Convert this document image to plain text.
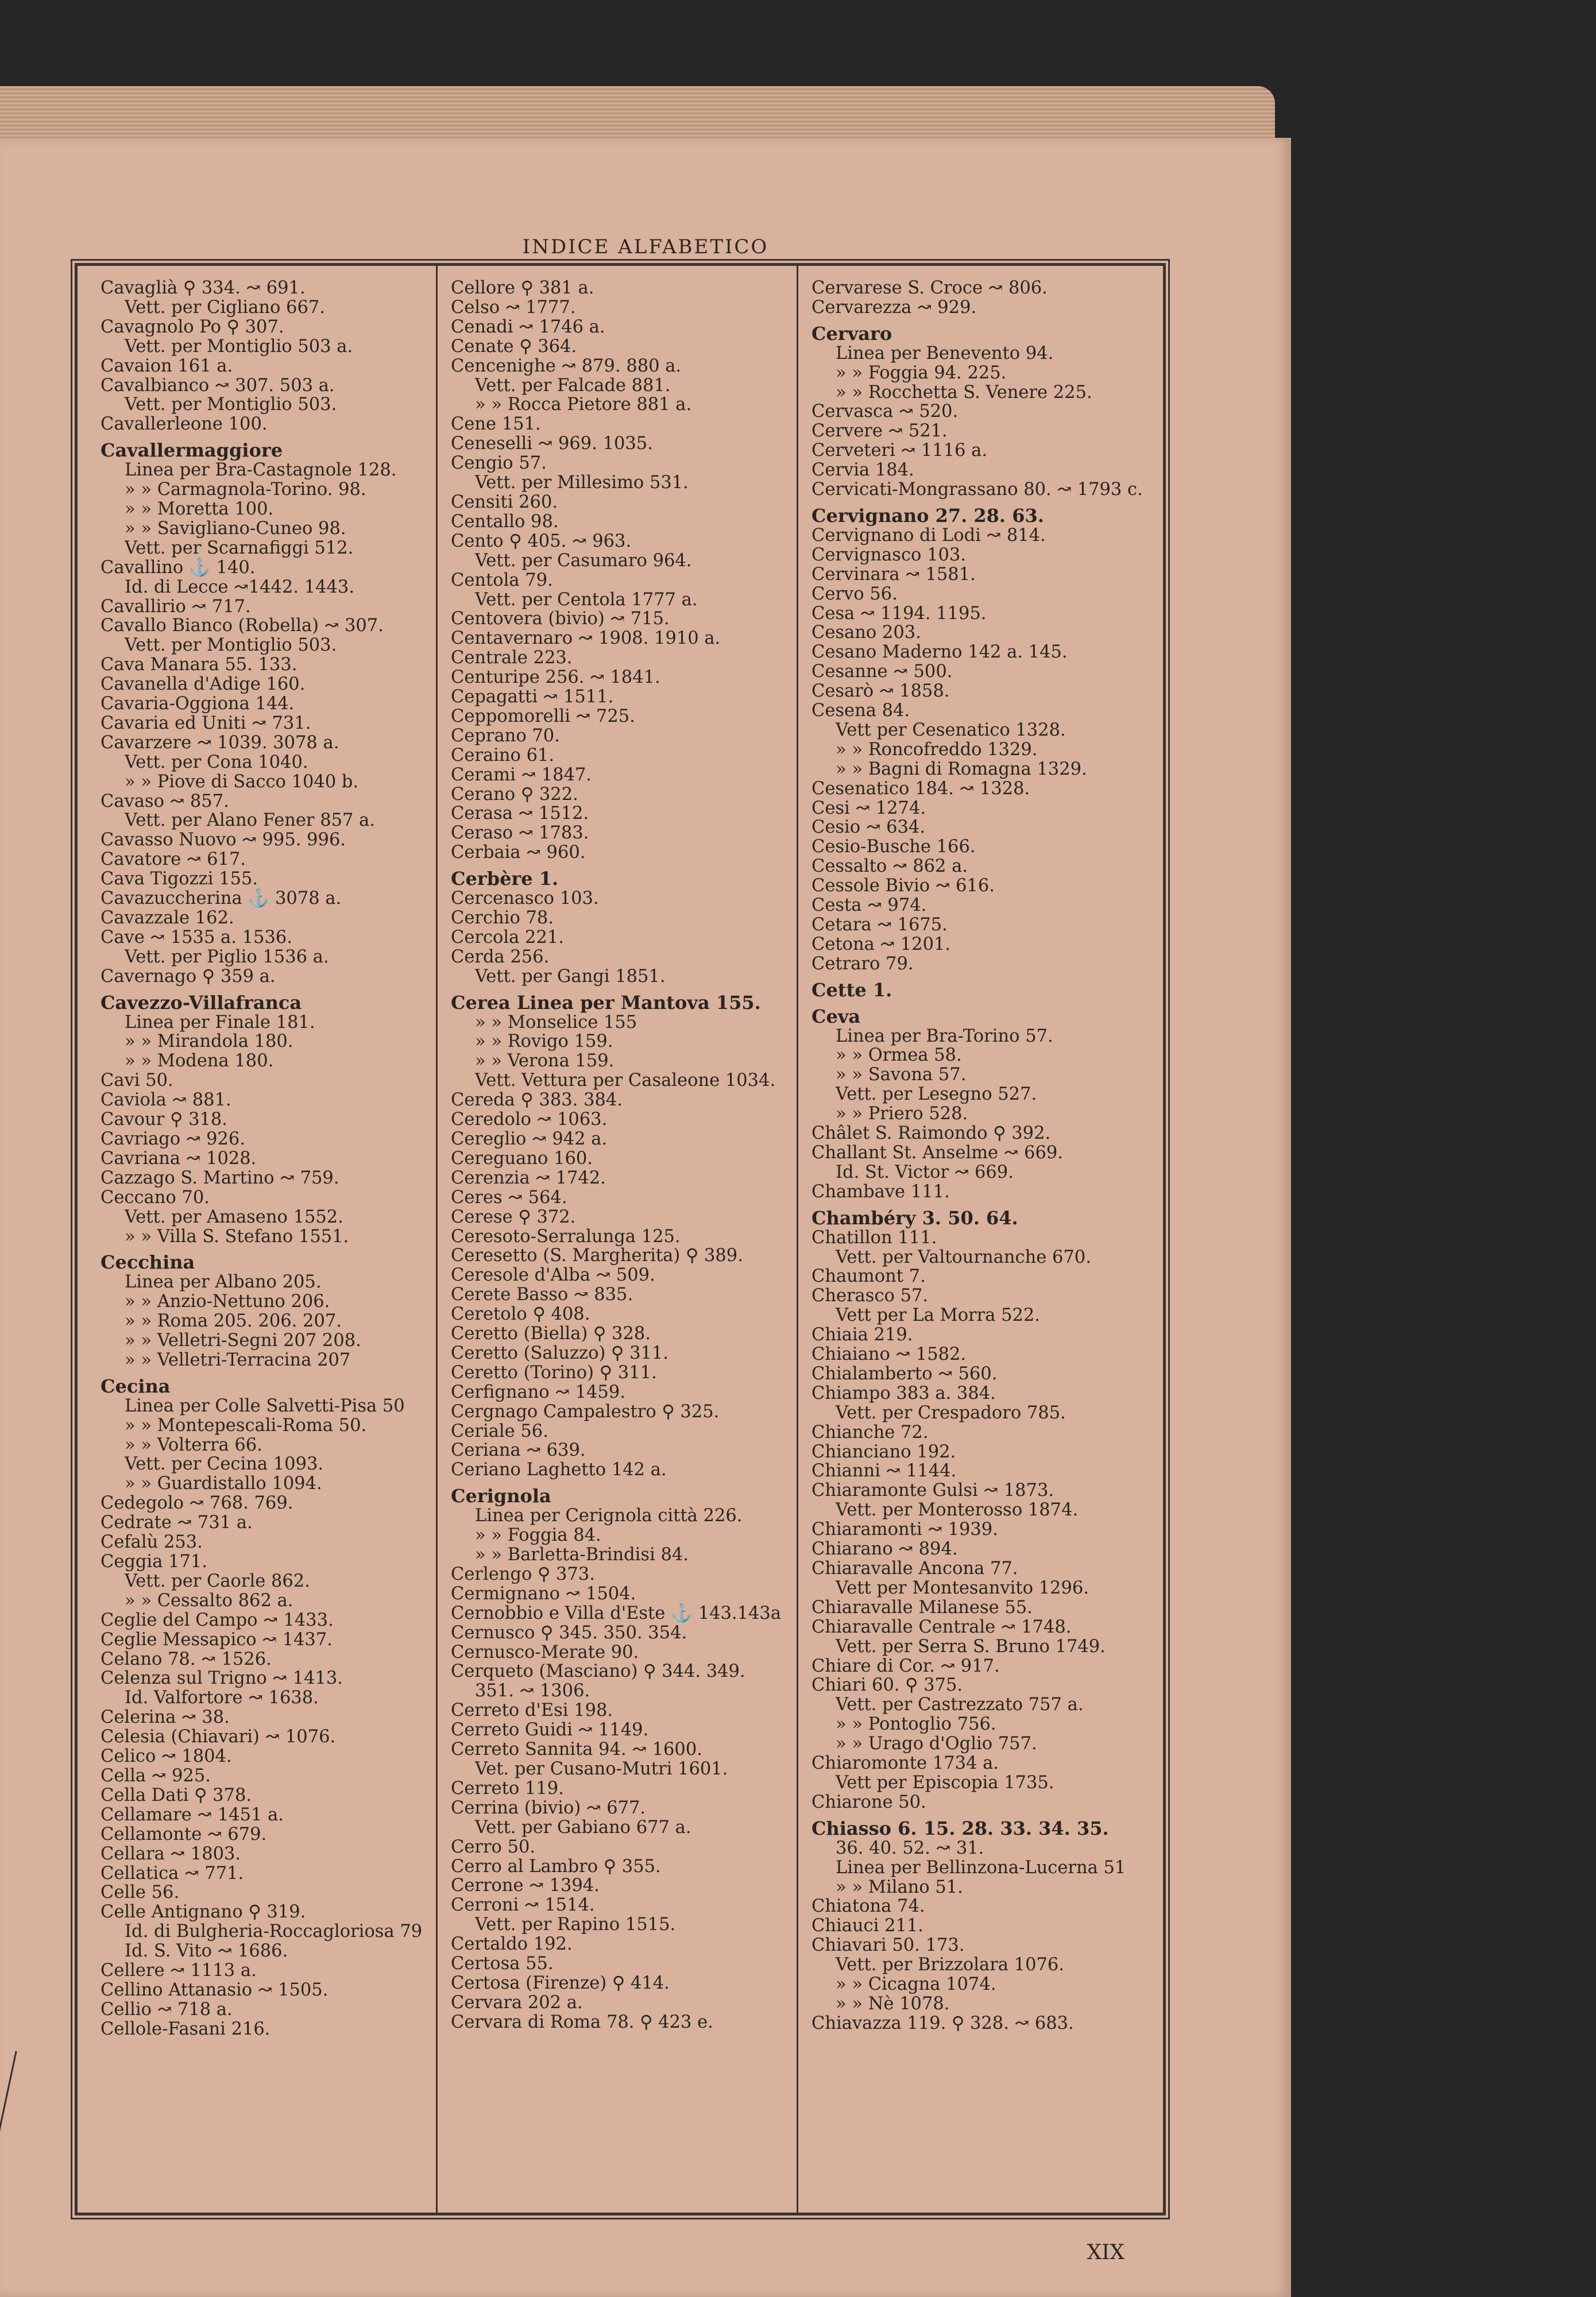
INDICE ALFABETICO
Cavaglià ⚲ 334. ↝ 691.
Vett. per Cigliano 667.
Cavagnolo Po ⚲ 307.
Vett. per Montiglio 503 a.
Cavaion 161 a.
Cavalbianco ↝ 307. 503 a.
Vett. per Montiglio 503.
Cavallerleone 100.
Cavallermaggiore
Linea per Bra-Castagnole 128.
» » Carmagnola-Torino. 98.
» » Moretta 100.
» » Savigliano-Cuneo 98.
Vett. per Scarnafiggi 512.
Cavallino ⚓ 140.
Id. di Lecce ↝1442. 1443.
Cavallirio ↝ 717.
Cavallo Bianco (Robella) ↝ 307.
Vett. per Montiglio 503.
Cava Manara 55. 133.
Cavanella d'Adige 160.
Cavaria-Oggiona 144.
Cavaria ed Uniti ↝ 731.
Cavarzere ↝ 1039. 3078 a.
Vett. per Cona 1040.
» » Piove di Sacco 1040 b.
Cavaso ↝ 857.
Vett. per Alano Fener 857 a.
Cavasso Nuovo ↝ 995. 996.
Cavatore ↝ 617.
Cava Tigozzi 155.
Cavazuccherina ⚓ 3078 a.
Cavazzale 162.
Cave ↝ 1535 a. 1536.
Vett. per Piglio 1536 a.
Cavernago ⚲ 359 a.
Cavezzo-Villafranca
Linea per Finale 181.
» » Mirandola 180.
» » Modena 180.
Cavi 50.
Caviola ↝ 881.
Cavour ⚲ 318.
Cavriago ↝ 926.
Cavriana ↝ 1028.
Cazzago S. Martino ↝ 759.
Ceccano 70.
Vett. per Amaseno 1552.
» » Villa S. Stefano 1551.
Cecchina
Linea per Albano 205.
» » Anzio-Nettuno 206.
» » Roma 205. 206. 207.
» » Velletri-Segni 207 208.
» » Velletri-Terracina 207
Cecina
Linea per Colle Salvetti-Pisa 50
» » Montepescali-Roma 50.
» » Volterra 66.
Vett. per Cecina 1093.
» » Guardistallo 1094.
Cedegolo ↝ 768. 769.
Cedrate ↝ 731 a.
Cefalù 253.
Ceggia 171.
Vett. per Caorle 862.
» » Cessalto 862 a.
Ceglie del Campo ↝ 1433.
Ceglie Messapico ↝ 1437.
Celano 78. ↝ 1526.
Celenza sul Trigno ↝ 1413.
Id. Valfortore ↝ 1638.
Celerina ↝ 38.
Celesia (Chiavari) ↝ 1076.
Celico ↝ 1804.
Cella ↝ 925.
Cella Dati ⚲ 378.
Cellamare ↝ 1451 a.
Cellamonte ↝ 679.
Cellara ↝ 1803.
Cellatica ↝ 771.
Celle 56.
Celle Antignano ⚲ 319.
Id. di Bulgheria-Roccagloriosa 79
Id. S. Vito ↝ 1686.
Cellere ↝ 1113 a.
Cellino Attanasio ↝ 1505.
Cellio ↝ 718 a.
Cellole-Fasani 216.
Cellore ⚲ 381 a.
Celso ↝ 1777.
Cenadi ↝ 1746 a.
Cenate ⚲ 364.
Cencenighe ↝ 879. 880 a.
Vett. per Falcade 881.
» » Rocca Pietore 881 a.
Cene 151.
Ceneselli ↝ 969. 1035.
Cengio 57.
Vett. per Millesimo 531.
Censiti 260.
Centallo 98.
Cento ⚲ 405. ↝ 963.
Vett. per Casumaro 964.
Centola 79.
Vett. per Centola 1777 a.
Centovera (bivio) ↝ 715.
Centavernaro ↝ 1908. 1910 a.
Centrale 223.
Centuripe 256. ↝ 1841.
Cepagatti ↝ 1511.
Ceppomorelli ↝ 725.
Ceprano 70.
Ceraino 61.
Cerami ↝ 1847.
Cerano ⚲ 322.
Cerasa ↝ 1512.
Ceraso ↝ 1783.
Cerbaia ↝ 960.
Cerbère 1.
Cercenasco 103.
Cerchio 78.
Cercola 221.
Cerda 256.
Vett. per Gangi 1851.
Cerea Linea per Mantova 155.
» » Monselice 155
» » Rovigo 159.
» » Verona 159.
Vett. Vettura per Casaleone 1034.
Cereda ⚲ 383. 384.
Ceredolo ↝ 1063.
Cereglio ↝ 942 a.
Cereguano 160.
Cerenzia ↝ 1742.
Ceres ↝ 564.
Cerese ⚲ 372.
Ceresoto-Serralunga 125.
Ceresetto (S. Margherita) ⚲ 389.
Ceresole d'Alba ↝ 509.
Cerete Basso ↝ 835.
Ceretolo ⚲ 408.
Ceretto (Biella) ⚲ 328.
Ceretto (Saluzzo) ⚲ 311.
Ceretto (Torino) ⚲ 311.
Cerfignano ↝ 1459.
Cergnago Campalestro ⚲ 325.
Ceriale 56.
Ceriana ↝ 639.
Ceriano Laghetto 142 a.
Cerignola
Linea per Cerignola città 226.
» » Foggia 84.
» » Barletta-Brindisi 84.
Cerlengo ⚲ 373.
Cermignano ↝ 1504.
Cernobbio e Villa d'Este ⚓ 143.143a
Cernusco ⚲ 345. 350. 354.
Cernusco-Merate 90.
Cerqueto (Masciano) ⚲ 344. 349.
351. ↝ 1306.
Cerreto d'Esi 198.
Cerreto Guidi ↝ 1149.
Cerreto Sannita 94. ↝ 1600.
Vet. per Cusano-Mutri 1601.
Cerreto 119.
Cerrina (bivio) ↝ 677.
Vett. per Gabiano 677 a.
Cerro 50.
Cerro al Lambro ⚲ 355.
Cerrone ↝ 1394.
Cerroni ↝ 1514.
Vett. per Rapino 1515.
Certaldo 192.
Certosa 55.
Certosa (Firenze) ⚲ 414.
Cervara 202 a.
Cervara di Roma 78. ⚲ 423 e.
Cervarese S. Croce ↝ 806.
Cervarezza ↝ 929.
Cervaro
Linea per Benevento 94.
» » Foggia 94. 225.
» » Rocchetta S. Venere 225.
Cervasca ↝ 520.
Cervere ↝ 521.
Cerveteri ↝ 1116 a.
Cervia 184.
Cervicati-Mongrassano 80. ↝ 1793 c.
Cervignano 27. 28. 63.
Cervignano di Lodi ↝ 814.
Cervignasco 103.
Cervinara ↝ 1581.
Cervo 56.
Cesa ↝ 1194. 1195.
Cesano 203.
Cesano Maderno 142 a. 145.
Cesanne ↝ 500.
Cesarò ↝ 1858.
Cesena 84.
Vett per Cesenatico 1328.
» » Roncofreddo 1329.
» » Bagni di Romagna 1329.
Cesenatico 184. ↝ 1328.
Cesi ↝ 1274.
Cesio ↝ 634.
Cesio-Busche 166.
Cessalto ↝ 862 a.
Cessole Bivio ↝ 616.
Cesta ↝ 974.
Cetara ↝ 1675.
Cetona ↝ 1201.
Cetraro 79.
Cette 1.
Ceva
Linea per Bra-Torino 57.
» » Ormea 58.
» » Savona 57.
Vett. per Lesegno 527.
» » Priero 528.
Châlet S. Raimondo ⚲ 392.
Challant St. Anselme ↝ 669.
Id. St. Victor ↝ 669.
Chambave 111.
Chambéry 3. 50. 64.
Chatillon 111.
Vett. per Valtournanche 670.
Chaumont 7.
Cherasco 57.
Vett per La Morra 522.
Chiaia 219.
Chiaiano ↝ 1582.
Chialamberto ↝ 560.
Chiampo 383 a. 384.
Vett. per Crespadoro 785.
Chianche 72.
Chianciano 192.
Chianni ↝ 1144.
Chiaramonte Gulsi ↝ 1873.
Vett. per Monterosso 1874.
Chiaramonti ↝ 1939.
Chiarano ↝ 894.
Chiaravalle Ancona 77.
Vett per Montesanvito 1296.
Chiaravalle Milanese 55.
Chiaravalle Centrale ↝ 1748.
Vett. per Serra S. Bruno 1749.
Chiare di Cor. ↝ 917.
Chiari 60. ⚲ 375.
Vett. per Castrezzato 757 a.
» » Pontoglio 756.
» » Urago d'Oglio 757.
Chiaromonte 1734 a.
Vett per Episcopia 1735.
Chiarone 50.
Chiasso 6. 15. 28. 33. 34. 35.
36. 40. 52. ↝ 31.
Linea per Bellinzona-Lucerna 51
» » Milano 51.
Chiatona 74.
Chiauci 211.
Chiavari 50. 173.
Vett. per Brizzolara 1076.
» » Cicagna 1074.
» » Nè 1078.
Chiavazza 119. ⚲ 328. ↝ 683.
XIX
